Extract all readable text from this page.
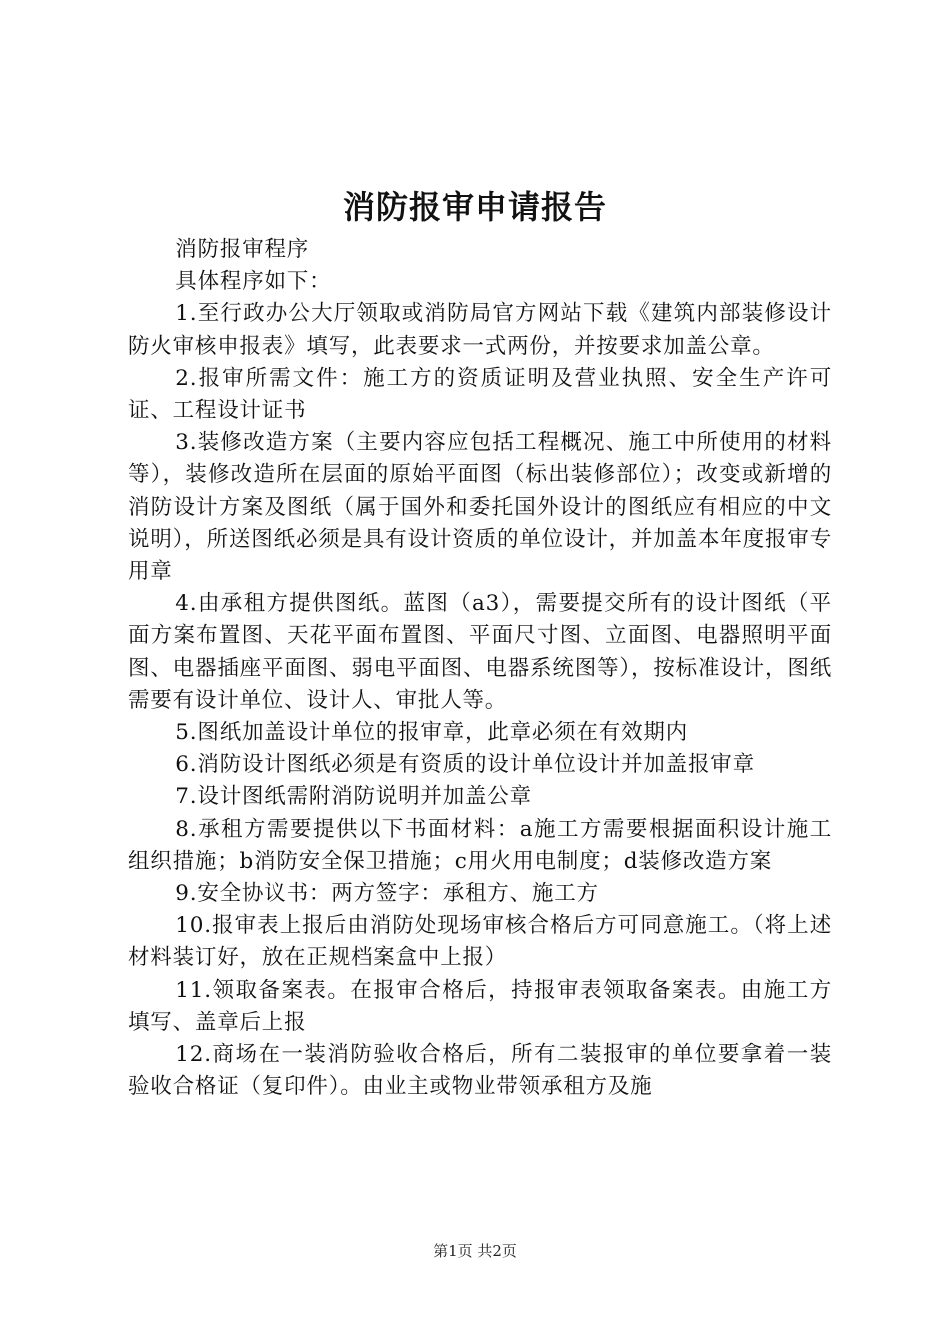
消防报审申请报告

消防报审程序

具体程序如下：

1.至行政办公大厅领取或消防局官方网站下载《建筑内部装修设计防火审核申报表》填写，此表要求一式两份，并按要求加盖公章。

2.报审所需文件：施工方的资质证明及营业执照、安全生产许可证、工程设计证书

3.装修改造方案（主要内容应包括工程概况、施工中所使用的材料等），装修改造所在层面的原始平面图（标出装修部位）；改变或新增的消防设计方案及图纸（属于国外和委托国外设计的图纸应有相应的中文说明），所送图纸必须是具有设计资质的单位设计，并加盖本年度报审专用章

4.由承租方提供图纸。蓝图（a3），需要提交所有的设计图纸（平面方案布置图、天花平面布置图、平面尺寸图、立面图、电器照明平面图、电器插座平面图、弱电平面图、电器系统图等），按标准设计，图纸需要有设计单位、设计人、审批人等。

5.图纸加盖设计单位的报审章，此章必须在有效期内

6.消防设计图纸必须是有资质的设计单位设计并加盖报审章

7.设计图纸需附消防说明并加盖公章

8.承租方需要提供以下书面材料：a施工方需要根据面积设计施工组织措施；b消防安全保卫措施；c用火用电制度；d装修改造方案

9.安全协议书：两方签字：承租方、施工方

10.报审表上报后由消防处现场审核合格后方可同意施工。（将上述材料装订好，放在正规档案盒中上报）

11.领取备案表。在报审合格后，持报审表领取备案表。由施工方填写、盖章后上报

12.商场在一装消防验收合格后，所有二装报审的单位要拿着一装验收合格证（复印件）。由业主或物业带领承租方及施

第1页 共2页
